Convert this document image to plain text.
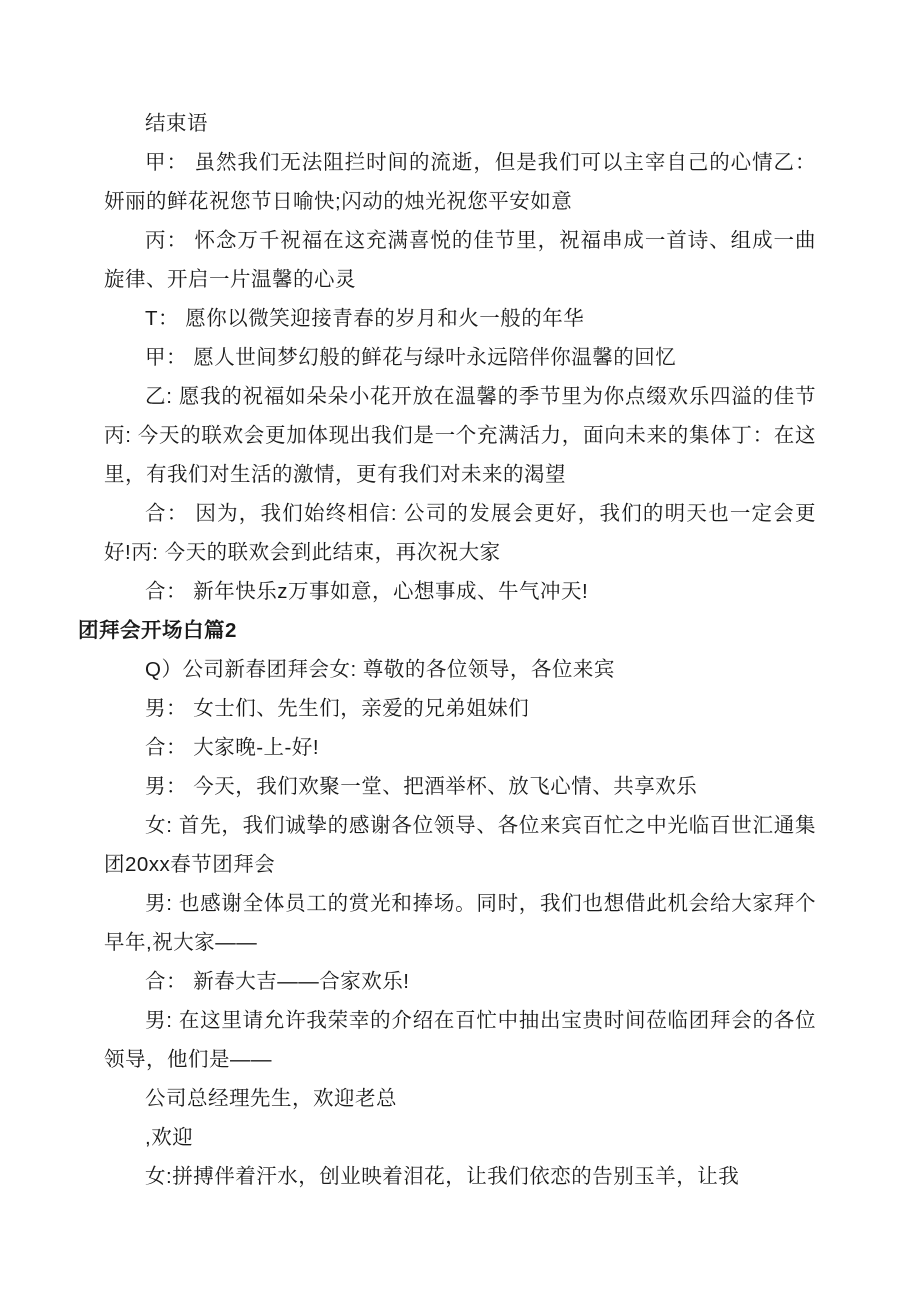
结束语

甲： 虽然我们无法阻拦时间的流逝，但是我们可以主宰自己的心情乙： 妍丽的鲜花祝您节日喻快;闪动的烛光祝您平安如意

丙： 怀念万千祝福在这充满喜悦的佳节里，祝福串成一首诗、组成一曲旋律、开启一片温馨的心灵

T： 愿你以微笑迎接青春的岁月和火一般的年华

甲： 愿人世间梦幻般的鲜花与绿叶永远陪伴你温馨的回忆

乙: 愿我的祝福如朵朵小花开放在温馨的季节里为你点缀欢乐四溢的佳节丙: 今天的联欢会更加体现出我们是一个充满活力，面向未来的集体丁：在这里，有我们对生活的激情，更有我们对未来的渴望

合： 因为，我们始终相信: 公司的发展会更好，我们的明天也一定会更好!丙: 今天的联欢会到此结束，再次祝大家

合： 新年快乐z万事如意，心想事成、牛气冲天!

团拜会开场白篇2

Q）公司新春团拜会女: 尊敬的各位领导，各位来宾

男： 女士们、先生们，亲爱的兄弟姐妹们

合： 大家晚-上-好!

男： 今天，我们欢聚一堂、把酒举杯、放飞心情、共享欢乐

女: 首先，我们诚挚的感谢各位领导、各位来宾百忙之中光临百世汇通集团20xx春节团拜会

男: 也感谢全体员工的赏光和捧场。同时，我们也想借此机会给大家拜个早年,祝大家——

合： 新春大吉——合家欢乐!

男: 在这里请允许我荣幸的介绍在百忙中抽出宝贵时间莅临团拜会的各位领导，他们是——

公司总经理先生，欢迎老总

,欢迎

女:拼搏伴着汗水，创业映着泪花，让我们依恋的告别玉羊，让我
